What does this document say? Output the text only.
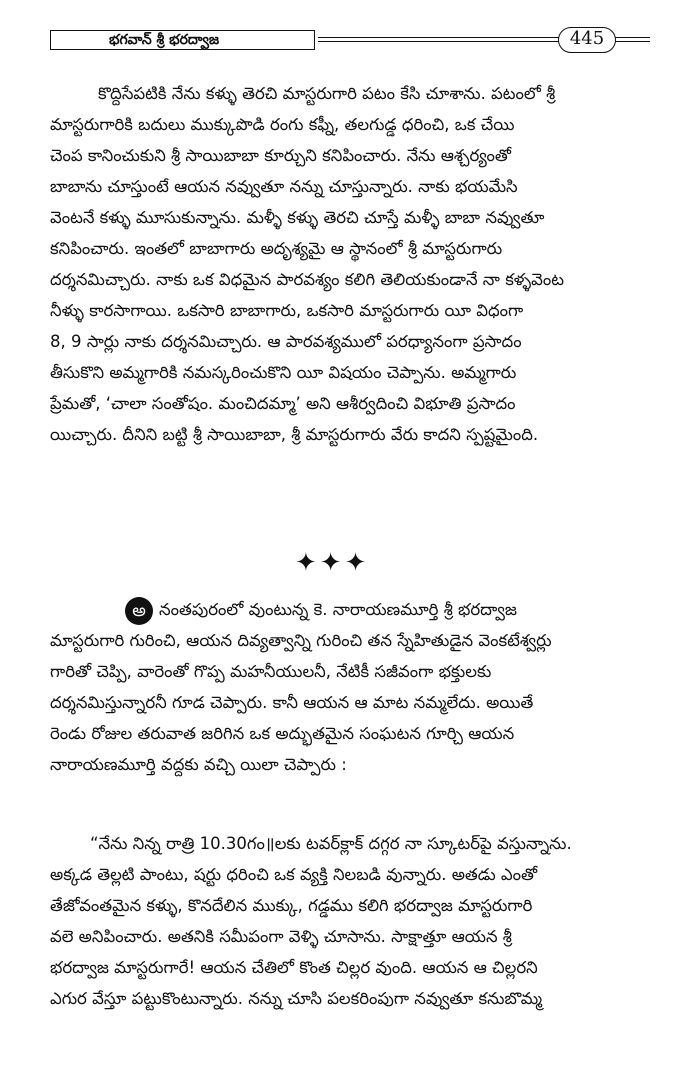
భగవాన్ శ్రీ భరద్వాజ	445
కొద్దిసేపటికి నేను కళ్ళు తెరచి మాస్టరుగారి పటం కేసి చూశాను. పటంలో శ్రీ
మాస్టరుగారికి బదులు ముక్కుపొడి రంగు కఫ్నీ, తలగుడ్డ ధరించి, ఒక చేయి
చెంప కానించుకుని శ్రీ సాయిబాబా కూర్చుని కనిపించారు. నేను ఆశ్చర్యంతో
బాబాను చూస్తుంటే ఆయన నవ్వుతూ నన్ను చూస్తున్నారు. నాకు భయమేసి
వెంటనే కళ్ళు మూసుకున్నాను. మళ్ళీ కళ్ళు తెరచి చూస్తే మళ్ళీ బాబా నవ్వుతూ
కనిపించారు. ఇంతలో బాబాగారు అదృశ్యమై ఆ స్థానంలో శ్రీ మాస్టరుగారు
దర్శనమిచ్చారు. నాకు ఒక విధమైన పారవశ్యం కలిగి తెలియకుండానే నా కళ్ళవెంట
నీళ్ళు కారసాగాయి. ఒకసారి బాబాగారు, ఒకసారి మాస్టరుగారు యీ విధంగా
8, 9 సార్లు నాకు దర్శనమిచ్చారు. ఆ పారవశ్యములో పరధ్యానంగా ప్రసాదం
తీసుకొని అమ్మగారికి నమస్కరించుకొని యీ విషయం చెప్పాను. అమ్మగారు
ప్రేమతో, ‘చాలా సంతోషం. మంచిదమ్మా’ అని ఆశీర్వదించి విభూతి ప్రసాదం
యిచ్చారు. దీనిని బట్టి శ్రీ సాయిబాబా, శ్రీ మాస్టరుగారు వేరు కాదని స్పష్టమైంది.
✦ ✦ ✦
అ నంతపురంలో వుంటున్న కె. నారాయణమూర్తి శ్రీ భరద్వాజ
మాస్టరుగారి గురించి, ఆయన దివ్యత్వాన్ని గురించి తన స్నేహితుడైన వెంకటేశ్వర్లు
గారితో చెప్పి, వారెంతో గొప్ప మహనీయులనీ, నేటికీ సజీవంగా భక్తులకు
దర్శనమిస్తున్నారనీ గూడ చెప్పారు. కానీ ఆయన ఆ మాట నమ్మలేదు. అయితే
రెండు రోజుల తరువాత జరిగిన ఒక అద్భుతమైన సంఘటన గూర్చి ఆయన
నారాయణమూర్తి వద్దకు వచ్చి యిలా చెప్పారు :
“నేను నిన్న రాత్రి 10.30గం॥లకు టవర్‌క్లాక్ దగ్గర నా స్కూటర్‌పై వస్తున్నాను.
అక్కడ తెల్లటి పాంటు, షర్టు ధరించి ఒక వ్యక్తి నిలబడి వున్నారు. అతడు ఎంతో
తేజోవంతమైన కళ్ళు, కొనదేలిన ముక్కు, గడ్డము కలిగి భరద్వాజ మాస్టరుగారి
వలె అనిపించారు. అతనికి సమీపంగా వెళ్ళి చూసాను. సాక్షాత్తూ ఆయన శ్రీ
భరద్వాజ మాస్టరుగారే! ఆయన చేతిలో కొంత చిల్లర వుంది. ఆయన ఆ చిల్లరని
ఎగుర వేస్తూ పట్టుకొంటున్నారు. నన్ను చూసి పలకరింపుగా నవ్వుతూ కనుబొమ్మ
